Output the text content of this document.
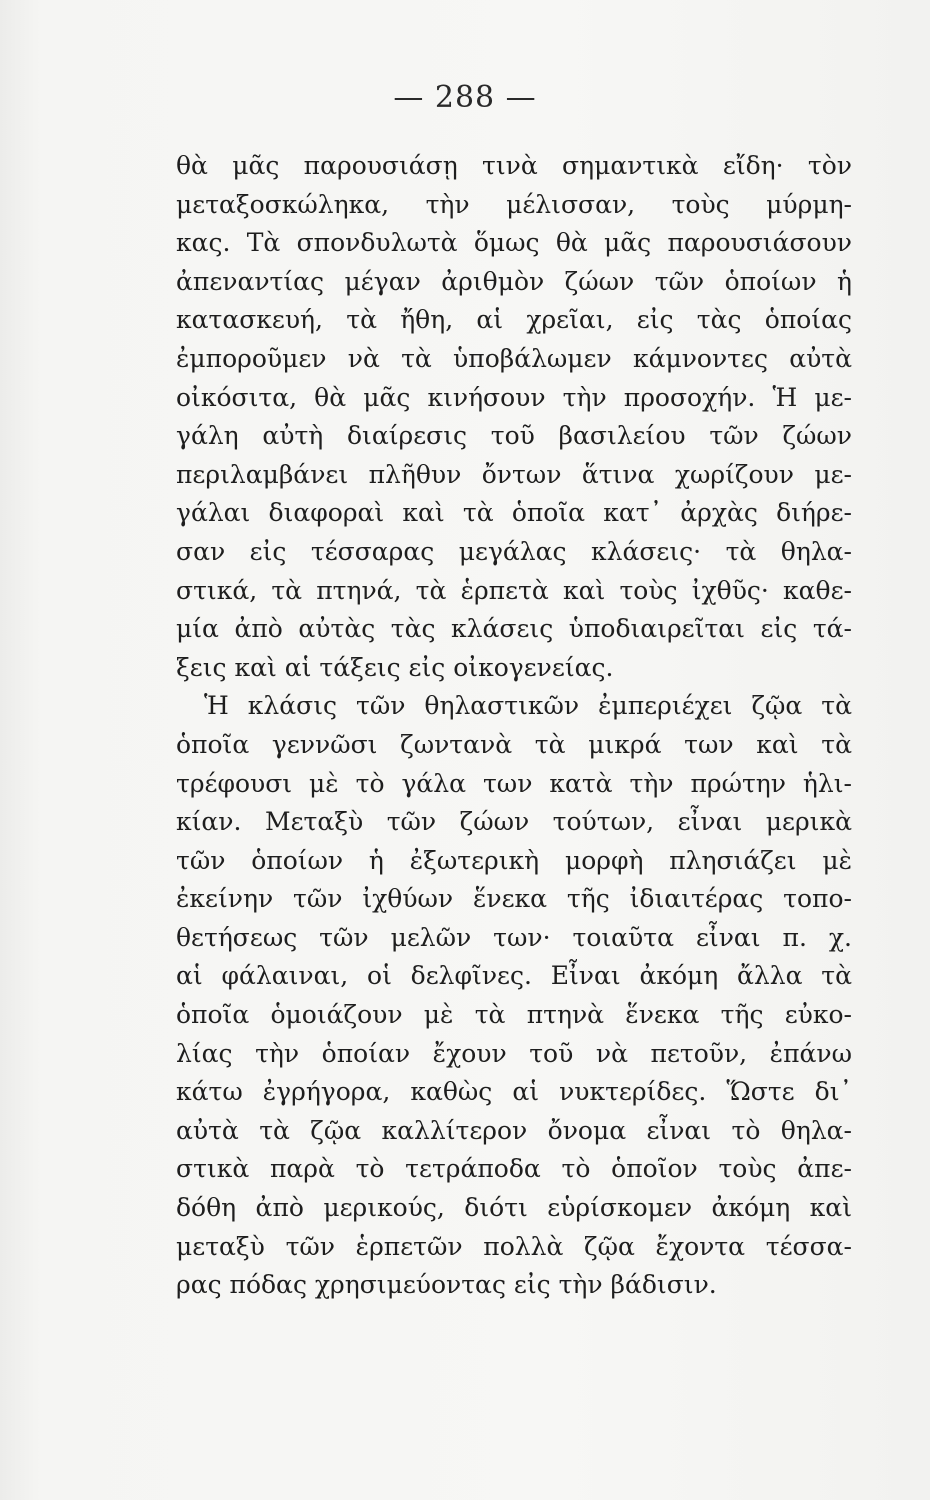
— 288 —
θὰ μᾶς παρουσιάσῃ τινὰ σημαντικὰ εἴδη· τὸν
μεταξοσκώληκα, τὴν μέλισσαν, τοὺς μύρμη-
κας. Τὰ σπονδυλωτὰ ὅμως θὰ μᾶς παρουσιάσουν
ἀπεναντίας μέγαν ἀριθμὸν ζώων τῶν ὁποίων ἡ
κατασκευή, τὰ ἤθη, αἱ χρεῖαι, εἰς τὰς ὁποίας
ἐμποροῦμεν νὰ τὰ ὑποβάλωμεν κάμνοντες αὐτὰ
οἰκόσιτα, θὰ μᾶς κινήσουν τὴν προσοχήν. Ἡ με-
γάλη αὐτὴ διαίρεσις τοῦ βασιλείου τῶν ζώων
περιλαμβάνει πλῆθυν ὄντων ἅτινα χωρίζουν με-
γάλαι διαφοραὶ καὶ τὰ ὁποῖα κατ᾽ ἀρχὰς διήρε-
σαν εἰς τέσσαρας μεγάλας κλάσεις· τὰ θηλα-
στικά, τὰ πτηνά, τὰ ἑρπετὰ καὶ τοὺς ἰχθῦς· καθε-
μία ἀπὸ αὐτὰς τὰς κλάσεις ὑποδιαιρεῖται εἰς τά-
ξεις καὶ αἱ τάξεις εἰς οἰκογενείας.
Ἡ κλάσις τῶν θηλαστικῶν ἐμπεριέχει ζῷα τὰ
ὁποῖα γεννῶσι ζωντανὰ τὰ μικρά των καὶ τὰ
τρέφουσι μὲ τὸ γάλα των κατὰ τὴν πρώτην ἡλι-
κίαν. Μεταξὺ τῶν ζώων τούτων, εἶναι μερικὰ
τῶν ὁποίων ἡ ἐξωτερικὴ μορφὴ πλησιάζει μὲ
ἐκείνην τῶν ἰχθύων ἕνεκα τῆς ἰδιαιτέρας τοπο-
θετήσεως τῶν μελῶν των· τοιαῦτα εἶναι π. χ.
αἱ φάλαιναι, οἱ δελφῖνες. Εἶναι ἀκόμη ἄλλα τὰ
ὁποῖα ὁμοιάζουν μὲ τὰ πτηνὰ ἕνεκα τῆς εὐκο-
λίας τὴν ὁποίαν ἔχουν τοῦ νὰ πετοῦν, ἐπάνω
κάτω ἐγρήγορα, καθὼς αἱ νυκτερίδες. Ὥστε δι᾽
αὐτὰ τὰ ζῷα καλλίτερον ὄνομα εἶναι τὸ θηλα-
στικὰ παρὰ τὸ τετράποδα τὸ ὁποῖον τοὺς ἀπε-
δόθη ἀπὸ μερικούς, διότι εὑρίσκομεν ἀκόμη καὶ
μεταξὺ τῶν ἑρπετῶν πολλὰ ζῷα ἔχοντα τέσσα-
ρας πόδας χρησιμεύοντας εἰς τὴν βάδισιν.
